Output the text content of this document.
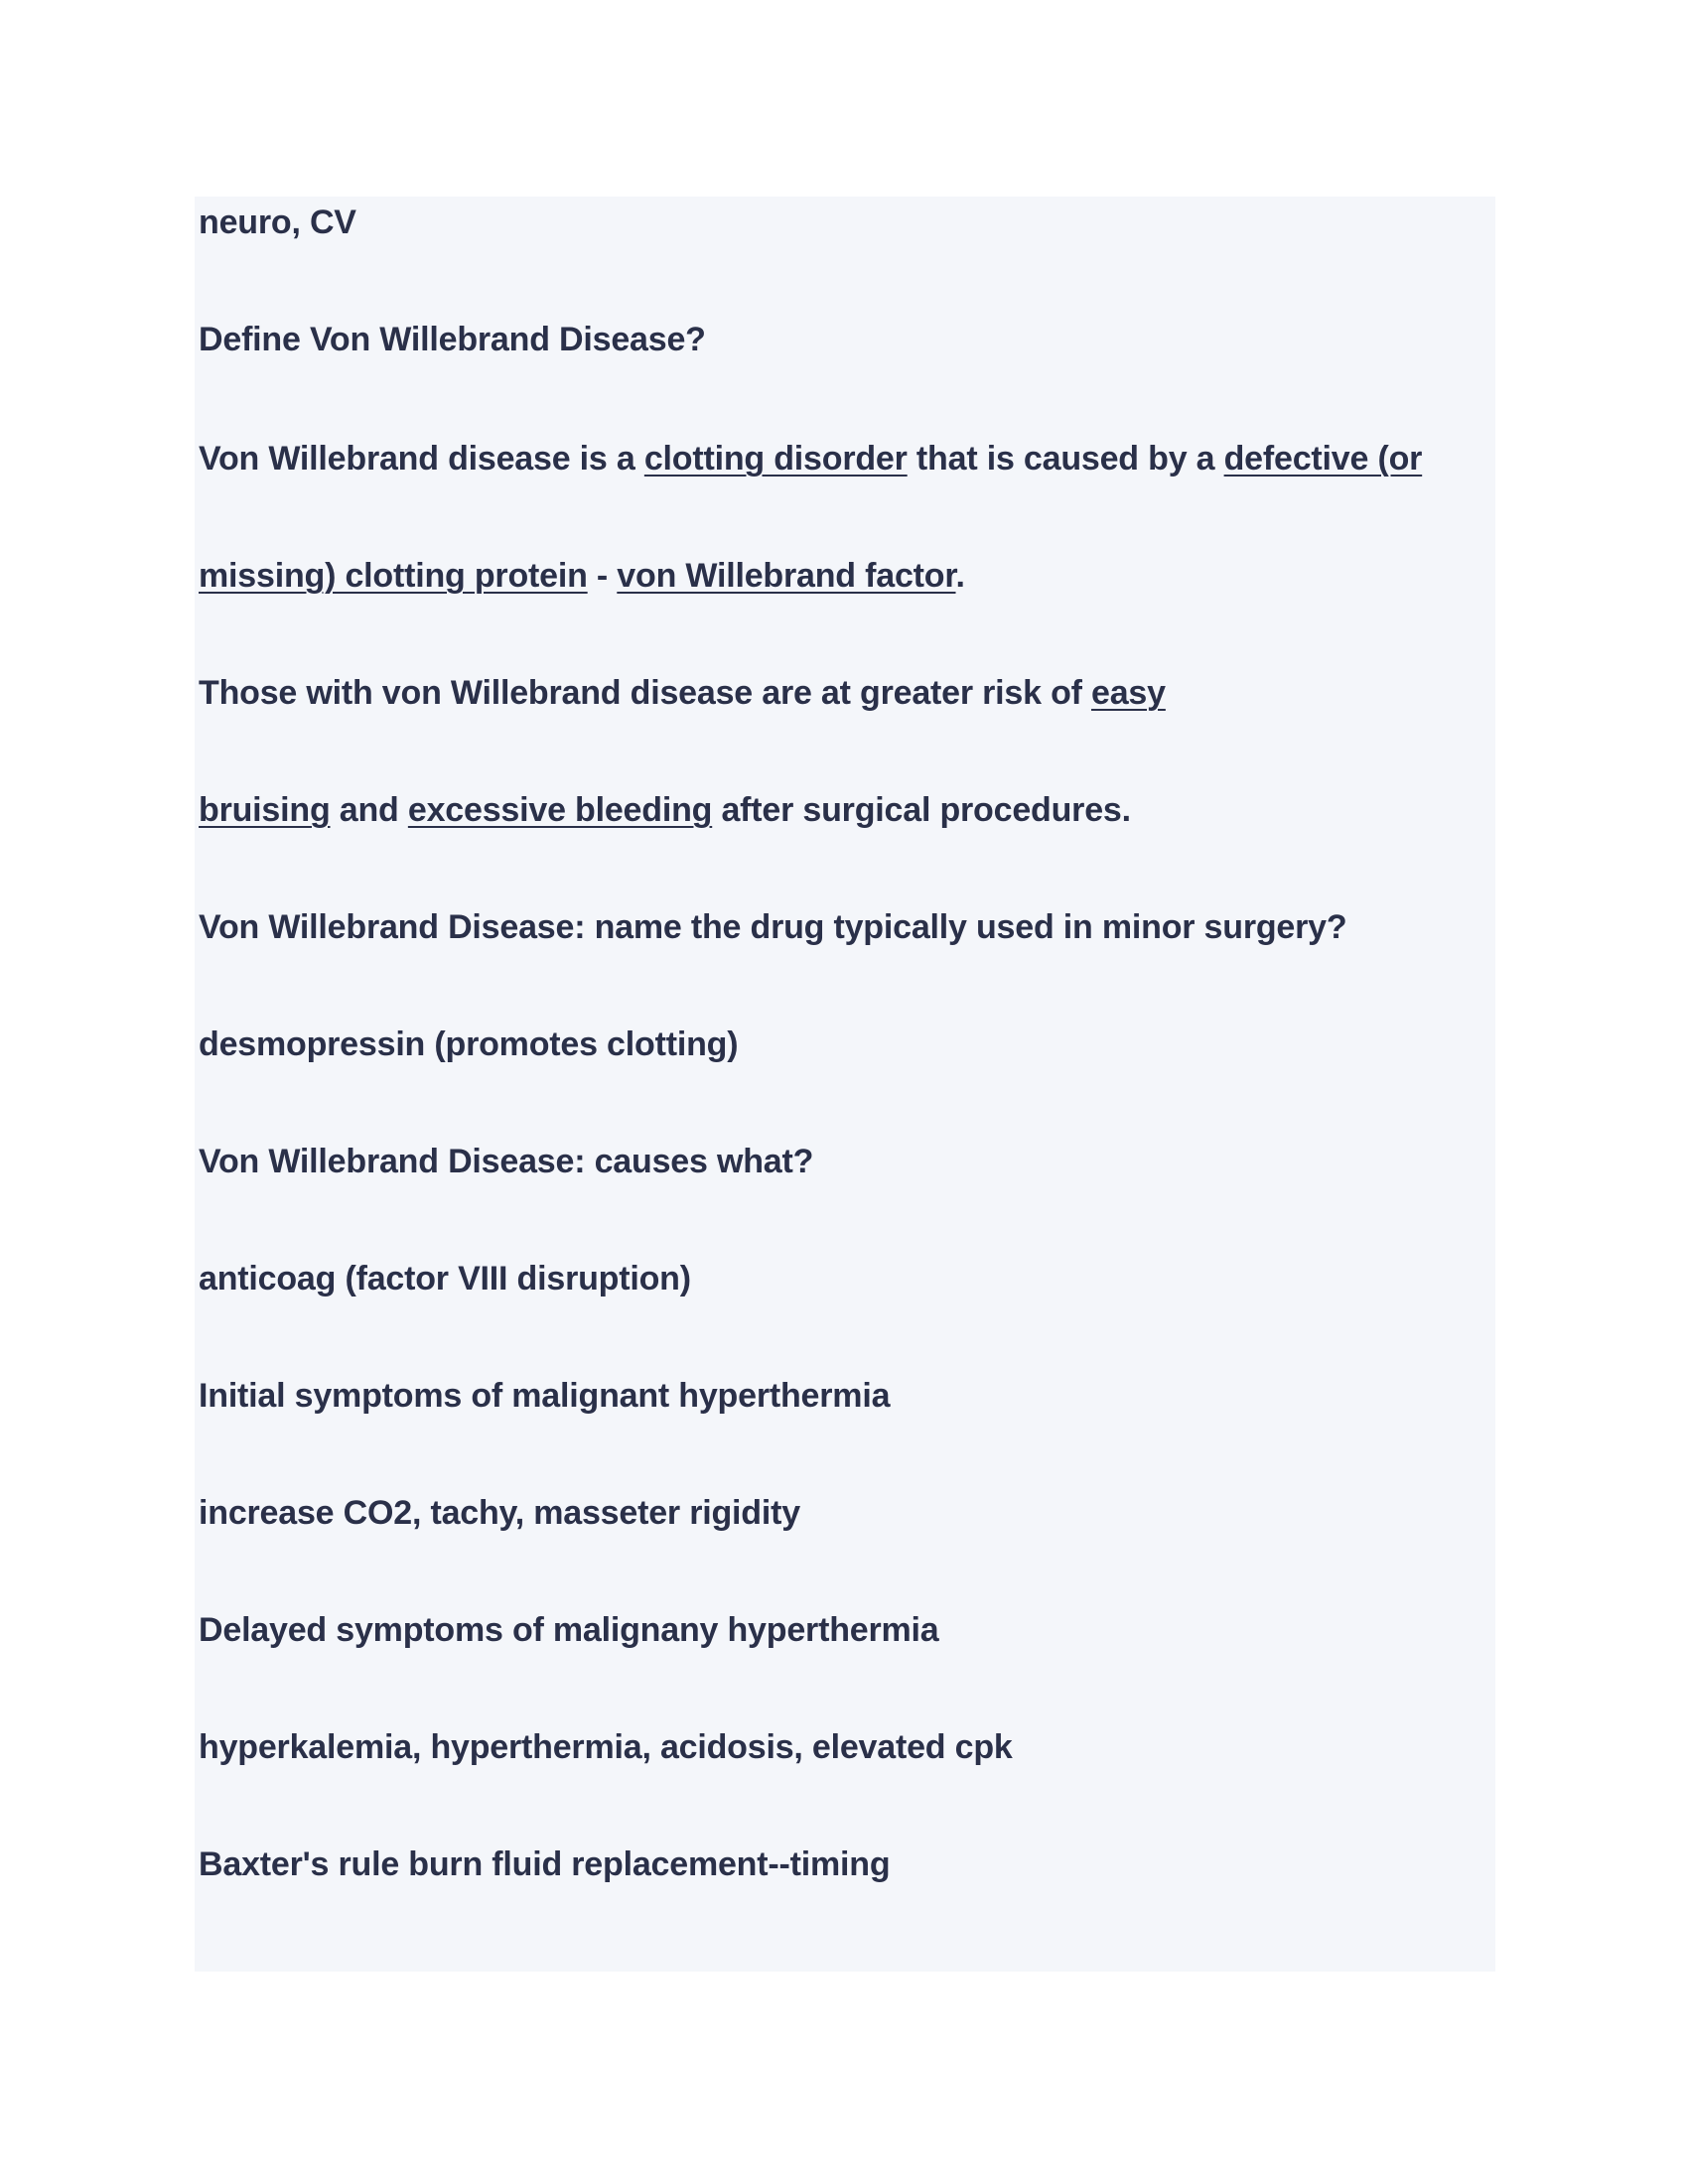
neuro, CV
Define Von Willebrand Disease?
Von Willebrand disease is a clotting disorder that is caused by a defective (or
missing) clotting protein - von Willebrand factor.
Those with von Willebrand disease are at greater risk of easy
bruising and excessive bleeding after surgical procedures.
Von Willebrand Disease: name the drug typically used in minor surgery?
desmopressin (promotes clotting)
Von Willebrand Disease: causes what?
anticoag (factor VIII disruption)
Initial symptoms of malignant hyperthermia
increase CO2, tachy, masseter rigidity
Delayed symptoms of malignany hyperthermia
hyperkalemia, hyperthermia, acidosis, elevated cpk
Baxter's rule burn fluid replacement--timing
